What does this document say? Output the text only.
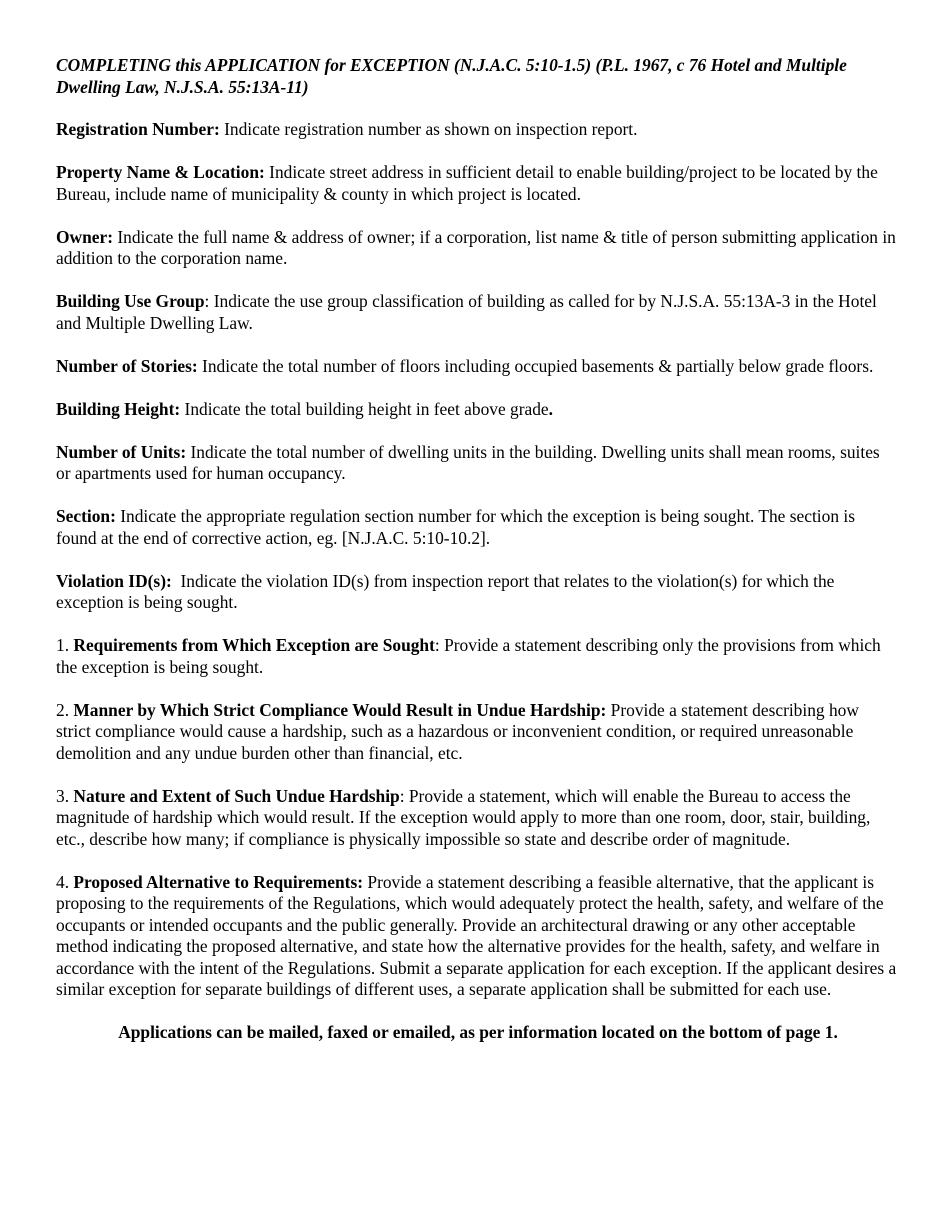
COMPLETING this APPLICATION for EXCEPTION (N.J.A.C. 5:10-1.5) (P.L. 1967, c 76 Hotel and Multiple Dwelling Law, N.J.S.A. 55:13A-11)
Registration Number: Indicate registration number as shown on inspection report.
Property Name & Location: Indicate street address in sufficient detail to enable building/project to be located by the Bureau, include name of municipality & county in which project is located.
Owner: Indicate the full name & address of owner; if a corporation, list name & title of person submitting application in addition to the corporation name.
Building Use Group: Indicate the use group classification of building as called for by N.J.S.A. 55:13A-3 in the Hotel and Multiple Dwelling Law.
Number of Stories: Indicate the total number of floors including occupied basements & partially below grade floors.
Building Height: Indicate the total building height in feet above grade.
Number of Units: Indicate the total number of dwelling units in the building. Dwelling units shall mean rooms, suites or apartments used for human occupancy.
Section: Indicate the appropriate regulation section number for which the exception is being sought. The section is found at the end of corrective action, eg. [N.J.A.C. 5:10-10.2].
Violation ID(s):  Indicate the violation ID(s) from inspection report that relates to the violation(s) for which the exception is being sought.
1. Requirements from Which Exception are Sought: Provide a statement describing only the provisions from which the exception is being sought.
2. Manner by Which Strict Compliance Would Result in Undue Hardship: Provide a statement describing how strict compliance would cause a hardship, such as a hazardous or inconvenient condition, or required unreasonable demolition and any undue burden other than financial, etc.
3. Nature and Extent of Such Undue Hardship: Provide a statement, which will enable the Bureau to access the magnitude of hardship which would result. If the exception would apply to more than one room, door, stair, building, etc., describe how many; if compliance is physically impossible so state and describe order of magnitude.
4. Proposed Alternative to Requirements: Provide a statement describing a feasible alternative, that the applicant is proposing to the requirements of the Regulations, which would adequately protect the health, safety, and welfare of the occupants or intended occupants and the public generally. Provide an architectural drawing or any other acceptable method indicating the proposed alternative, and state how the alternative provides for the health, safety, and welfare in accordance with the intent of the Regulations. Submit a separate application for each exception. If the applicant desires a similar exception for separate buildings of different uses, a separate application shall be submitted for each use.
Applications can be mailed, faxed or emailed, as per information located on the bottom of page 1.
